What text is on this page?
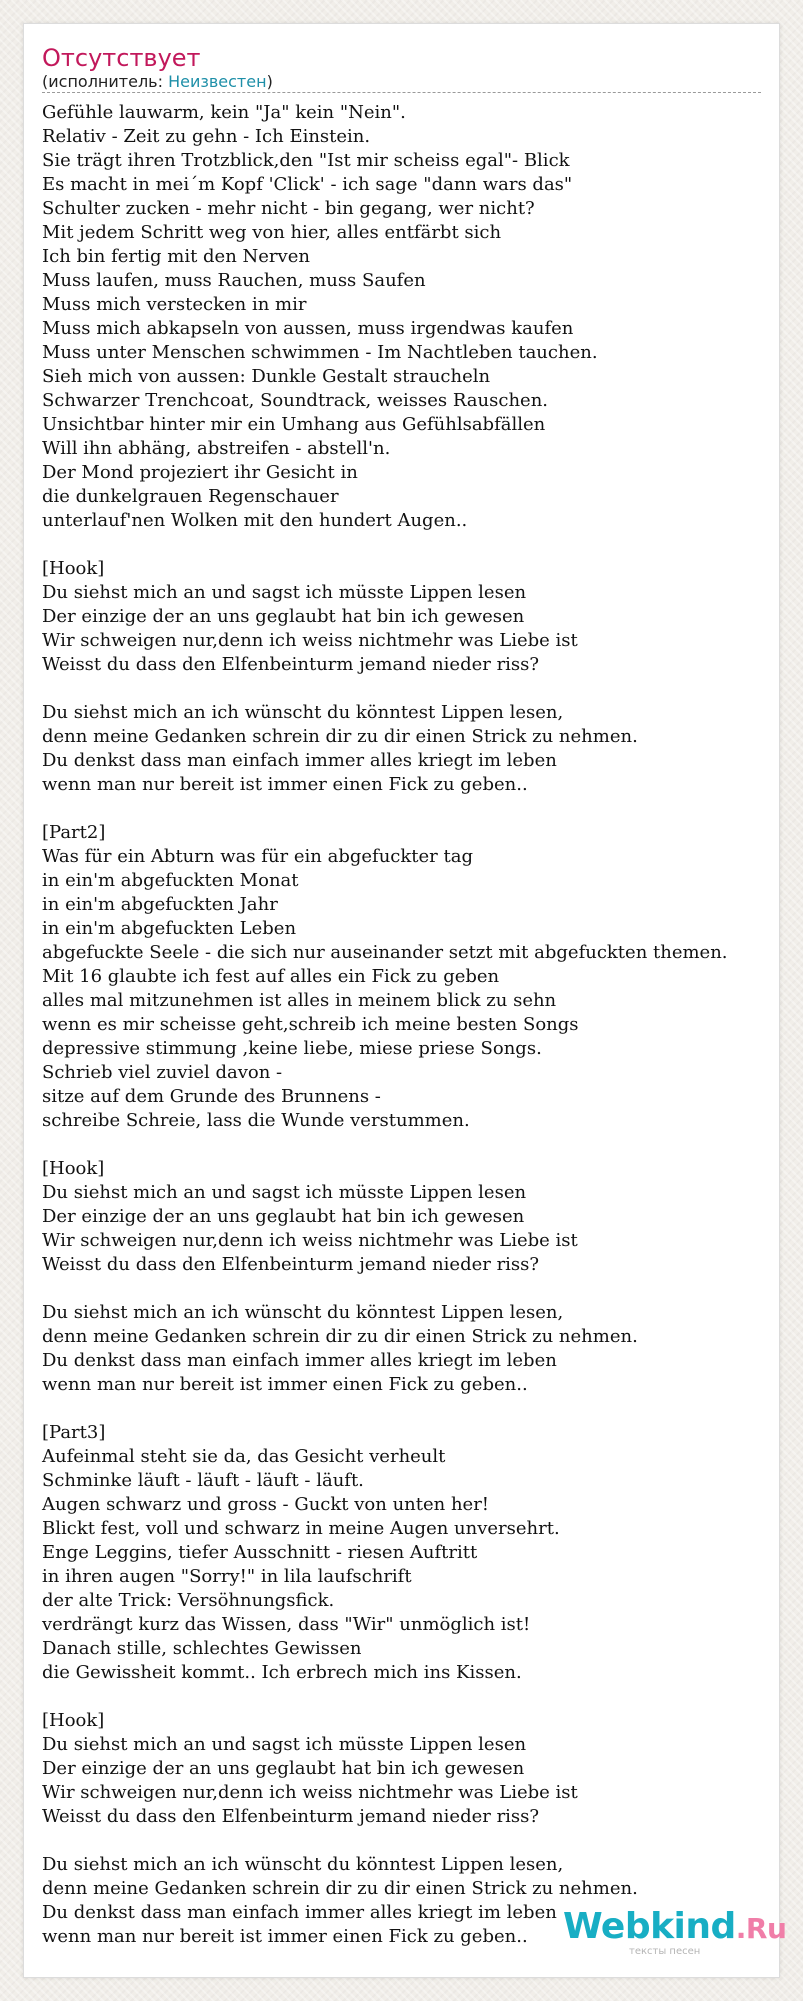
Отсутствует
(исполнитель: Неизвестен)
Gefühle lauwarm, kein "Ja" kein "Nein".
Relativ - Zeit zu gehn - Ich Einstein.
Sie trägt ihren Trotzblick,den "Ist mir scheiss egal"- Blick
Es macht in mei´m Kopf 'Click' - ich sage "dann wars das"
Schulter zucken - mehr nicht - bin gegang, wer nicht?
Mit jedem Schritt weg von hier, alles entfärbt sich
Ich bin fertig mit den Nerven
Muss laufen, muss Rauchen, muss Saufen
Muss mich verstecken in mir
Muss mich abkapseln von aussen, muss irgendwas kaufen
Muss unter Menschen schwimmen - Im Nachtleben tauchen.
Sieh mich von aussen: Dunkle Gestalt straucheln
Schwarzer Trenchcoat, Soundtrack, weisses Rauschen.
Unsichtbar hinter mir ein Umhang aus Gefühlsabfällen
Will ihn abhäng, abstreifen - abstell'n.
Der Mond projeziert ihr Gesicht in
die dunkelgrauen Regenschauer
unterlauf'nen Wolken mit den hundert Augen..

[Hook]
Du siehst mich an und sagst ich müsste Lippen lesen
Der einzige der an uns geglaubt hat bin ich gewesen
Wir schweigen nur,denn ich weiss nichtmehr was Liebe ist
Weisst du dass den Elfenbeinturm jemand nieder riss?

Du siehst mich an ich wünscht du könntest Lippen lesen,
denn meine Gedanken schrein dir zu dir einen Strick zu nehmen.
Du denkst dass man einfach immer alles kriegt im leben
wenn man nur bereit ist immer einen Fick zu geben..

[Part2]
Was für ein Abturn was für ein abgefuckter tag
in ein'm abgefuckten Monat
in ein'm abgefuckten Jahr
in ein'm abgefuckten Leben
abgefuckte Seele - die sich nur auseinander setzt mit abgefuckten themen.
Mit 16 glaubte ich fest auf alles ein Fick zu geben
alles mal mitzunehmen ist alles in meinem blick zu sehn
wenn es mir scheisse geht,schreib ich meine besten Songs
depressive stimmung ,keine liebe, miese priese Songs.
Schrieb viel zuviel davon -
sitze auf dem Grunde des Brunnens -
schreibe Schreie, lass die Wunde verstummen.

[Hook]
Du siehst mich an und sagst ich müsste Lippen lesen
Der einzige der an uns geglaubt hat bin ich gewesen
Wir schweigen nur,denn ich weiss nichtmehr was Liebe ist
Weisst du dass den Elfenbeinturm jemand nieder riss?

Du siehst mich an ich wünscht du könntest Lippen lesen,
denn meine Gedanken schrein dir zu dir einen Strick zu nehmen.
Du denkst dass man einfach immer alles kriegt im leben
wenn man nur bereit ist immer einen Fick zu geben..

[Part3]
Aufeinmal steht sie da, das Gesicht verheult
Schminke läuft - läuft - läuft - läuft.
Augen schwarz und gross - Guckt von unten her!
Blickt fest, voll und schwarz in meine Augen unversehrt.
Enge Leggins, tiefer Ausschnitt - riesen Auftritt
in ihren augen "Sorry!" in lila laufschrift
der alte Trick: Versöhnungsfick.
verdrängt kurz das Wissen, dass "Wir" unmöglich ist!
Danach stille, schlechtes Gewissen
die Gewissheit kommt.. Ich erbrech mich ins Kissen.

[Hook]
Du siehst mich an und sagst ich müsste Lippen lesen
Der einzige der an uns geglaubt hat bin ich gewesen
Wir schweigen nur,denn ich weiss nichtmehr was Liebe ist
Weisst du dass den Elfenbeinturm jemand nieder riss?

Du siehst mich an ich wünscht du könntest Lippen lesen,
denn meine Gedanken schrein dir zu dir einen Strick zu nehmen.
Du denkst dass man einfach immer alles kriegt im leben
wenn man nur bereit ist immer einen Fick zu geben.. Webkind.Ru
тексты песен
